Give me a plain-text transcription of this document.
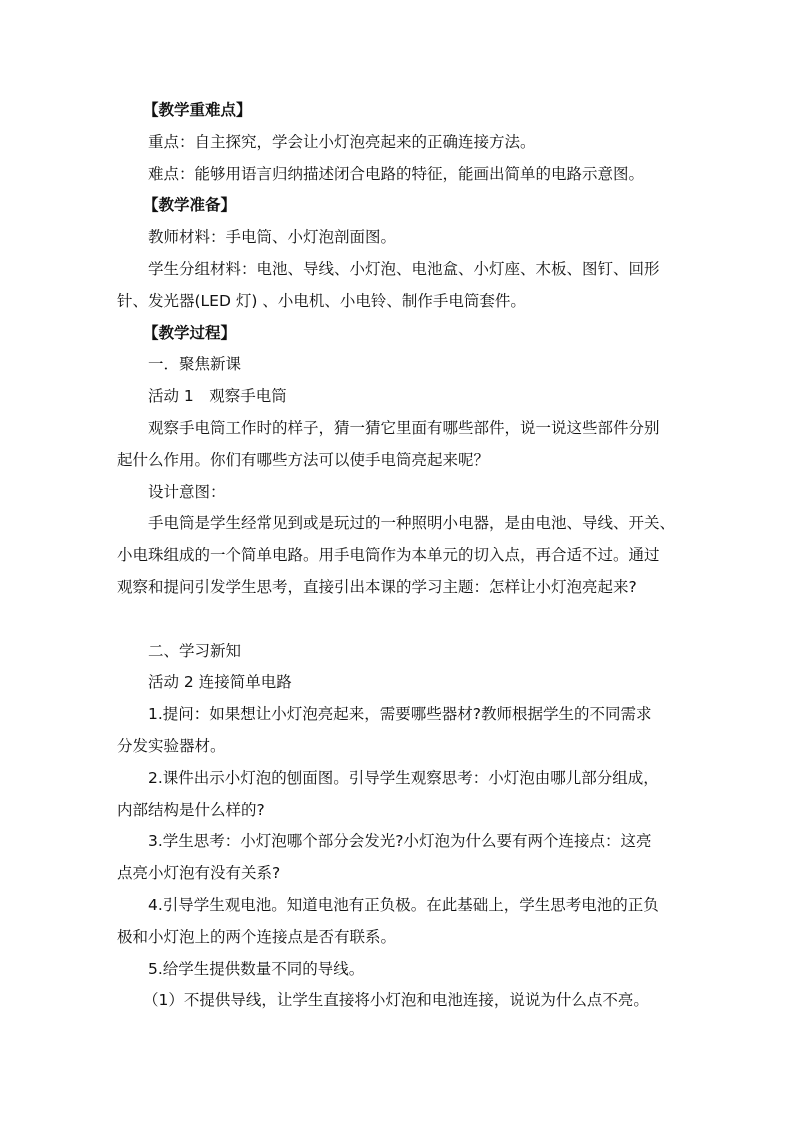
【教学重难点】
重点：自主探究，学会让小灯泡亮起来的正确连接方法。
难点：能够用语言归纳描述闭合电路的特征，能画出简单的电路示意图。
【教学准备】
教师材料：手电筒、小灯泡剖面图。
学生分组材料：电池、导线、小灯泡、电池盒、小灯座、木板、图钉、回形
针、发光器(LED 灯) 、小电机、小电铃、制作手电筒套件。
【教学过程】
一．聚焦新课
活动 1　观察手电筒
观察手电筒工作时的样子，猜一猜它里面有哪些部件，说一说这些部件分别
起什么作用。你们有哪些方法可以使手电筒亮起来呢？
设计意图：
手电筒是学生经常见到或是玩过的一种照明小电器，是由电池、导线、开关、
小电珠组成的一个简单电路。用手电筒作为本单元的切入点，再合适不过。通过
观察和提问引发学生思考，直接引出本课的学习主题：怎样让小灯泡亮起来?
二、学习新知
活动 2 连接简单电路
1.提问：如果想让小灯泡亮起来，需要哪些器材?教师根据学生的不同需求
分发实验器材。
2.课件出示小灯泡的刨面图。引导学生观察思考：小灯泡由哪儿部分组成，
内部结构是什么样的?
3.学生思考：小灯泡哪个部分会发光?小灯泡为什么要有两个连接点：这亮
点亮小灯泡有没有关系?
4.引导学生观电池。知道电池有正负极。在此基础上，学生思考电池的正负
极和小灯泡上的两个连接点是否有联系。
5.给学生提供数量不同的导线。
（1）不提供导线，让学生直接将小灯泡和电池连接，说说为什么点不亮。
